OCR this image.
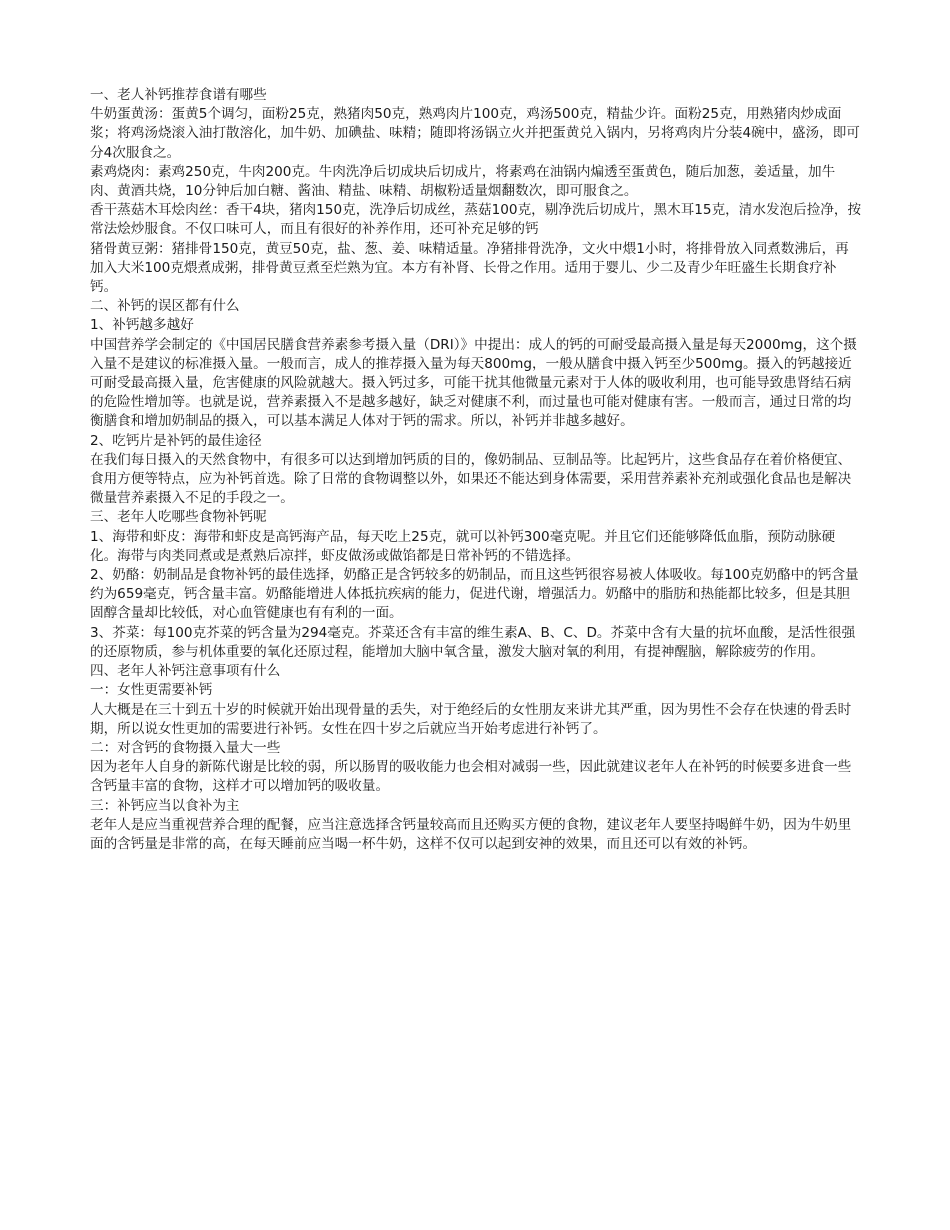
一、老人补钙推荐食谱有哪些

牛奶蛋黄汤：蛋黄5个调匀，面粉25克，熟猪肉50克，熟鸡肉片100克，鸡汤500克，精盐少许。面粉25克，用熟猪肉炒成面浆；将鸡汤烧滚入油打散溶化，加牛奶、加碘盐、味精；随即将汤锅立火并把蛋黄兑入锅内，另将鸡肉片分装4碗中，盛汤，即可分4次服食之。

素鸡烧肉：素鸡250克，牛肉200克。牛肉洗净后切成块后切成片，将素鸡在油锅内煸透至蛋黄色，随后加葱，姜适量，加牛肉、黄酒共烧，10分钟后加白糖、酱油、精盐、味精、胡椒粉适量烟翻数次，即可服食之。

香干蒸菇木耳烩肉丝：香干4块，猪肉150克，洗净后切成丝，蒸菇100克，剔净洗后切成片，黑木耳15克，清水发泡后捡净，按常法烩炒服食。不仅口味可人，而且有很好的补养作用，还可补充足够的钙

猪骨黄豆粥：猪排骨150克，黄豆50克，盐、葱、姜、味精适量。净猪排骨洗净，文火中煨1小时，将排骨放入同煮数沸后，再加入大米100克煨煮成粥，排骨黄豆煮至烂熟为宜。本方有补肾、长骨之作用。适用于婴儿、少二及青少年旺盛生长期食疗补钙。

二、补钙的误区都有什么

1、补钙越多越好

中国营养学会制定的《中国居民膳食营养素参考摄入量（DRI）》中提出：成人的钙的可耐受最高摄入量是每天2000mg，这个摄入量不是建议的标准摄入量。一般而言，成人的推荐摄入量为每天800mg，一般从膳食中摄入钙至少500mg。摄入的钙越接近可耐受最高摄入量，危害健康的风险就越大。摄入钙过多，可能干扰其他微量元素对于人体的吸收利用，也可能导致患肾结石病的危险性增加等。也就是说，营养素摄入不是越多越好，缺乏对健康不利，而过量也可能对健康有害。一般而言，通过日常的均衡膳食和增加奶制品的摄入，可以基本满足人体对于钙的需求。所以，补钙并非越多越好。

2、吃钙片是补钙的最佳途径

在我们每日摄入的天然食物中，有很多可以达到增加钙质的目的，像奶制品、豆制品等。比起钙片，这些食品存在着价格便宜、食用方便等特点，应为补钙首选。除了日常的食物调整以外，如果还不能达到身体需要，采用营养素补充剂或强化食品也是解决微量营养素摄入不足的手段之一。

三、老年人吃哪些食物补钙呢

1、海带和虾皮：海带和虾皮是高钙海产品，每天吃上25克，就可以补钙300毫克呢。并且它们还能够降低血脂，预防动脉硬化。海带与肉类同煮或是煮熟后凉拌，虾皮做汤或做馅都是日常补钙的不错选择。

2、奶酪：奶制品是食物补钙的最佳选择，奶酪正是含钙较多的奶制品，而且这些钙很容易被人体吸收。每100克奶酪中的钙含量约为659毫克，钙含量丰富。奶酪能增进人体抵抗疾病的能力，促进代谢，增强活力。奶酪中的脂肪和热能都比较多，但是其胆固醇含量却比较低，对心血管健康也有有利的一面。

3、芥菜：每100克芥菜的钙含量为294毫克。芥菜还含有丰富的维生素A、B、C、D。芥菜中含有大量的抗坏血酸，是活性很强的还原物质，参与机体重要的氧化还原过程，能增加大脑中氧含量，激发大脑对氧的利用，有提神醒脑，解除疲劳的作用。

四、老年人补钙注意事项有什么

一：女性更需要补钙

人大概是在三十到五十岁的时候就开始出现骨量的丢失，对于绝经后的女性朋友来讲尤其严重，因为男性不会存在快速的骨丢时期，所以说女性更加的需要进行补钙。女性在四十岁之后就应当开始考虑进行补钙了。

二：对含钙的食物摄入量大一些

因为老年人自身的新陈代谢是比较的弱，所以肠胃的吸收能力也会相对减弱一些，因此就建议老年人在补钙的时候要多进食一些含钙量丰富的食物，这样才可以增加钙的吸收量。

三：补钙应当以食补为主

老年人是应当重视营养合理的配餐，应当注意选择含钙量较高而且还购买方便的食物，建议老年人要坚持喝鲜牛奶，因为牛奶里面的含钙量是非常的高，在每天睡前应当喝一杯牛奶，这样不仅可以起到安神的效果，而且还可以有效的补钙。
